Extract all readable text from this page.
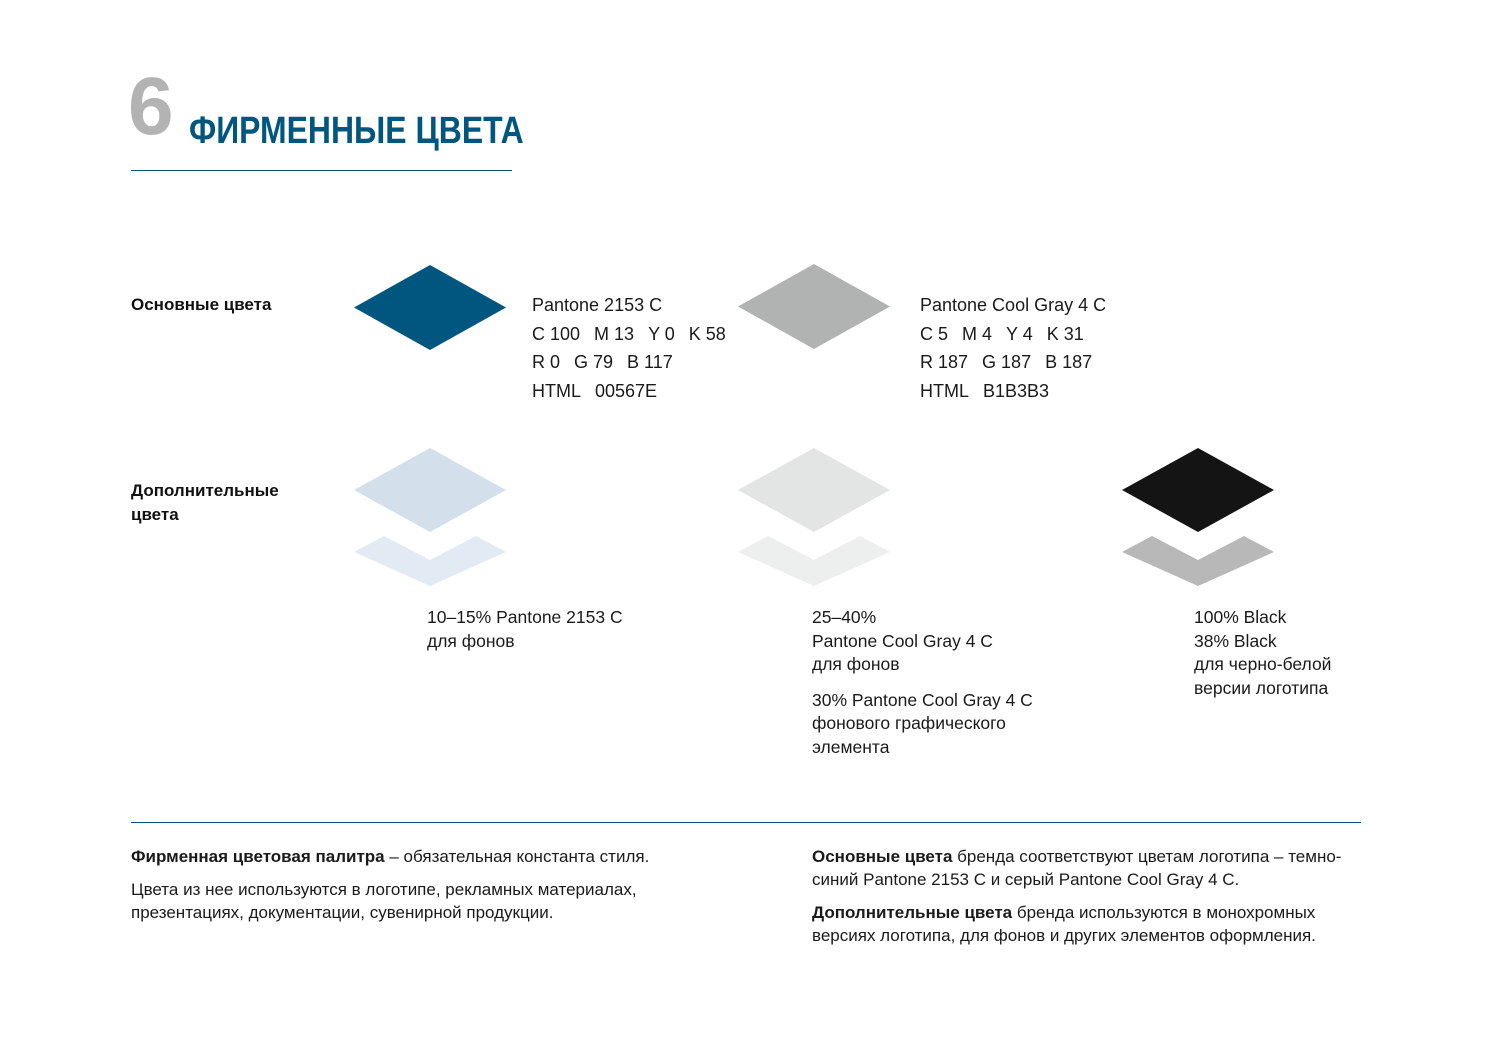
6 ФИРМЕННЫЕ ЦВЕТА
Основные цвета	Pantone 2153 C
C 100 M 13 Y 0 K 58
R 0 G 79 B 117
HTML 00567E
Pantone Cool Gray 4 C
C 5 M 4 Y 4 K 31
R 187 G 187 B 187
HTML B1B3B3
Дополнительные цвета

10–15% Pantone 2153 C

для фонов

25–40%

Pantone Cool Gray 4 C

для фонов

30% Pantone Cool Gray 4 C

фонового графического

элемента

100% Black

38% Black

для черно-белой

версии логотипа

Фирменная цветовая палитра – обязательная константа стиля.

Цвета из нее используются в логотипе, рекламных материалах, презентациях, документации, сувенирной продукции.

Основные цвета бренда соответствуют цветам логотипа – темно-синий Pantone 2153 C и серый Pantone Cool Gray 4 C.

Дополнительные цвета бренда используются в монохромных версиях логотипа, для фонов и других элементов оформления.
